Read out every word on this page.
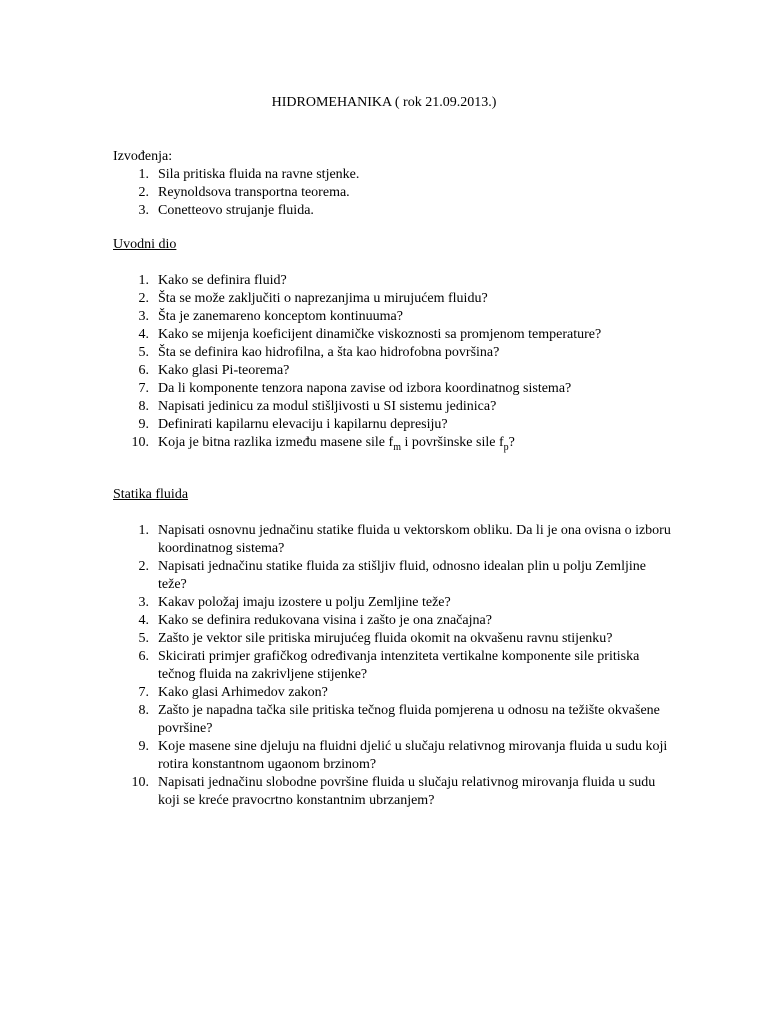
HIDROMEHANIKA ( rok 21.09.2013.)
Izvođenja:
1. Sila pritiska fluida na ravne stjenke.
2. Reynoldsova transportna teorema.
3. Conetteovo strujanje fluida.
Uvodni dio
1. Kako se definira fluid?
2. Šta se može zaključiti o naprezanjima u mirujućem fluidu?
3. Šta je zanemareno konceptom kontinuuma?
4. Kako se mijenja koeficijent dinamičke viskoznosti sa promjenom temperature?
5. Šta se definira kao hidrofilna, a šta kao hidrofobna površina?
6. Kako glasi Pi-teorema?
7. Da li komponente tenzora napona zavise od izbora koordinatnog sistema?
8. Napisati jedinicu za modul stišljivosti u SI sistemu jedinica?
9. Definirati kapilarnu elevaciju i kapilarnu depresiju?
10. Koja je bitna razlika između masene sile $f_m$ i površinske sile $f_p$?
Statika fluida
1. Napisati osnovnu jednačinu statike fluida u vektorskom obliku. Da li je ona ovisna o izboru koordinatnog sistema?
2. Napisati jednačinu statike fluida za stišljiv fluid, odnosno idealan plin u polju Zemljine teže?
3. Kakav položaj imaju izostere u polju Zemljine teže?
4. Kako se definira redukovana visina i zašto je ona značajna?
5. Zašto je vektor sile pritiska mirujućeg fluida okomit na okvašenu ravnu stijenku?
6. Skicirati primjer grafičkog određivanja intenziteta vertikalne komponente sile pritiska tečnog fluida na zakrivljene stijenke?
7. Kako glasi Arhimedov zakon?
8. Zašto je napadna tačka sile pritiska tečnog fluida pomjerena u odnosu na težište okvašene površine?
9. Koje masene sine djeluju na fluidni djelić u slučaju relativnog mirovanja fluida u sudu koji rotira konstantnom ugaonom brzinom?
10. Napisati jednačinu slobodne površine fluida u slučaju relativnog mirovanja fluida u sudu koji se kreće pravocrtno konstantnim ubrzanjem?
